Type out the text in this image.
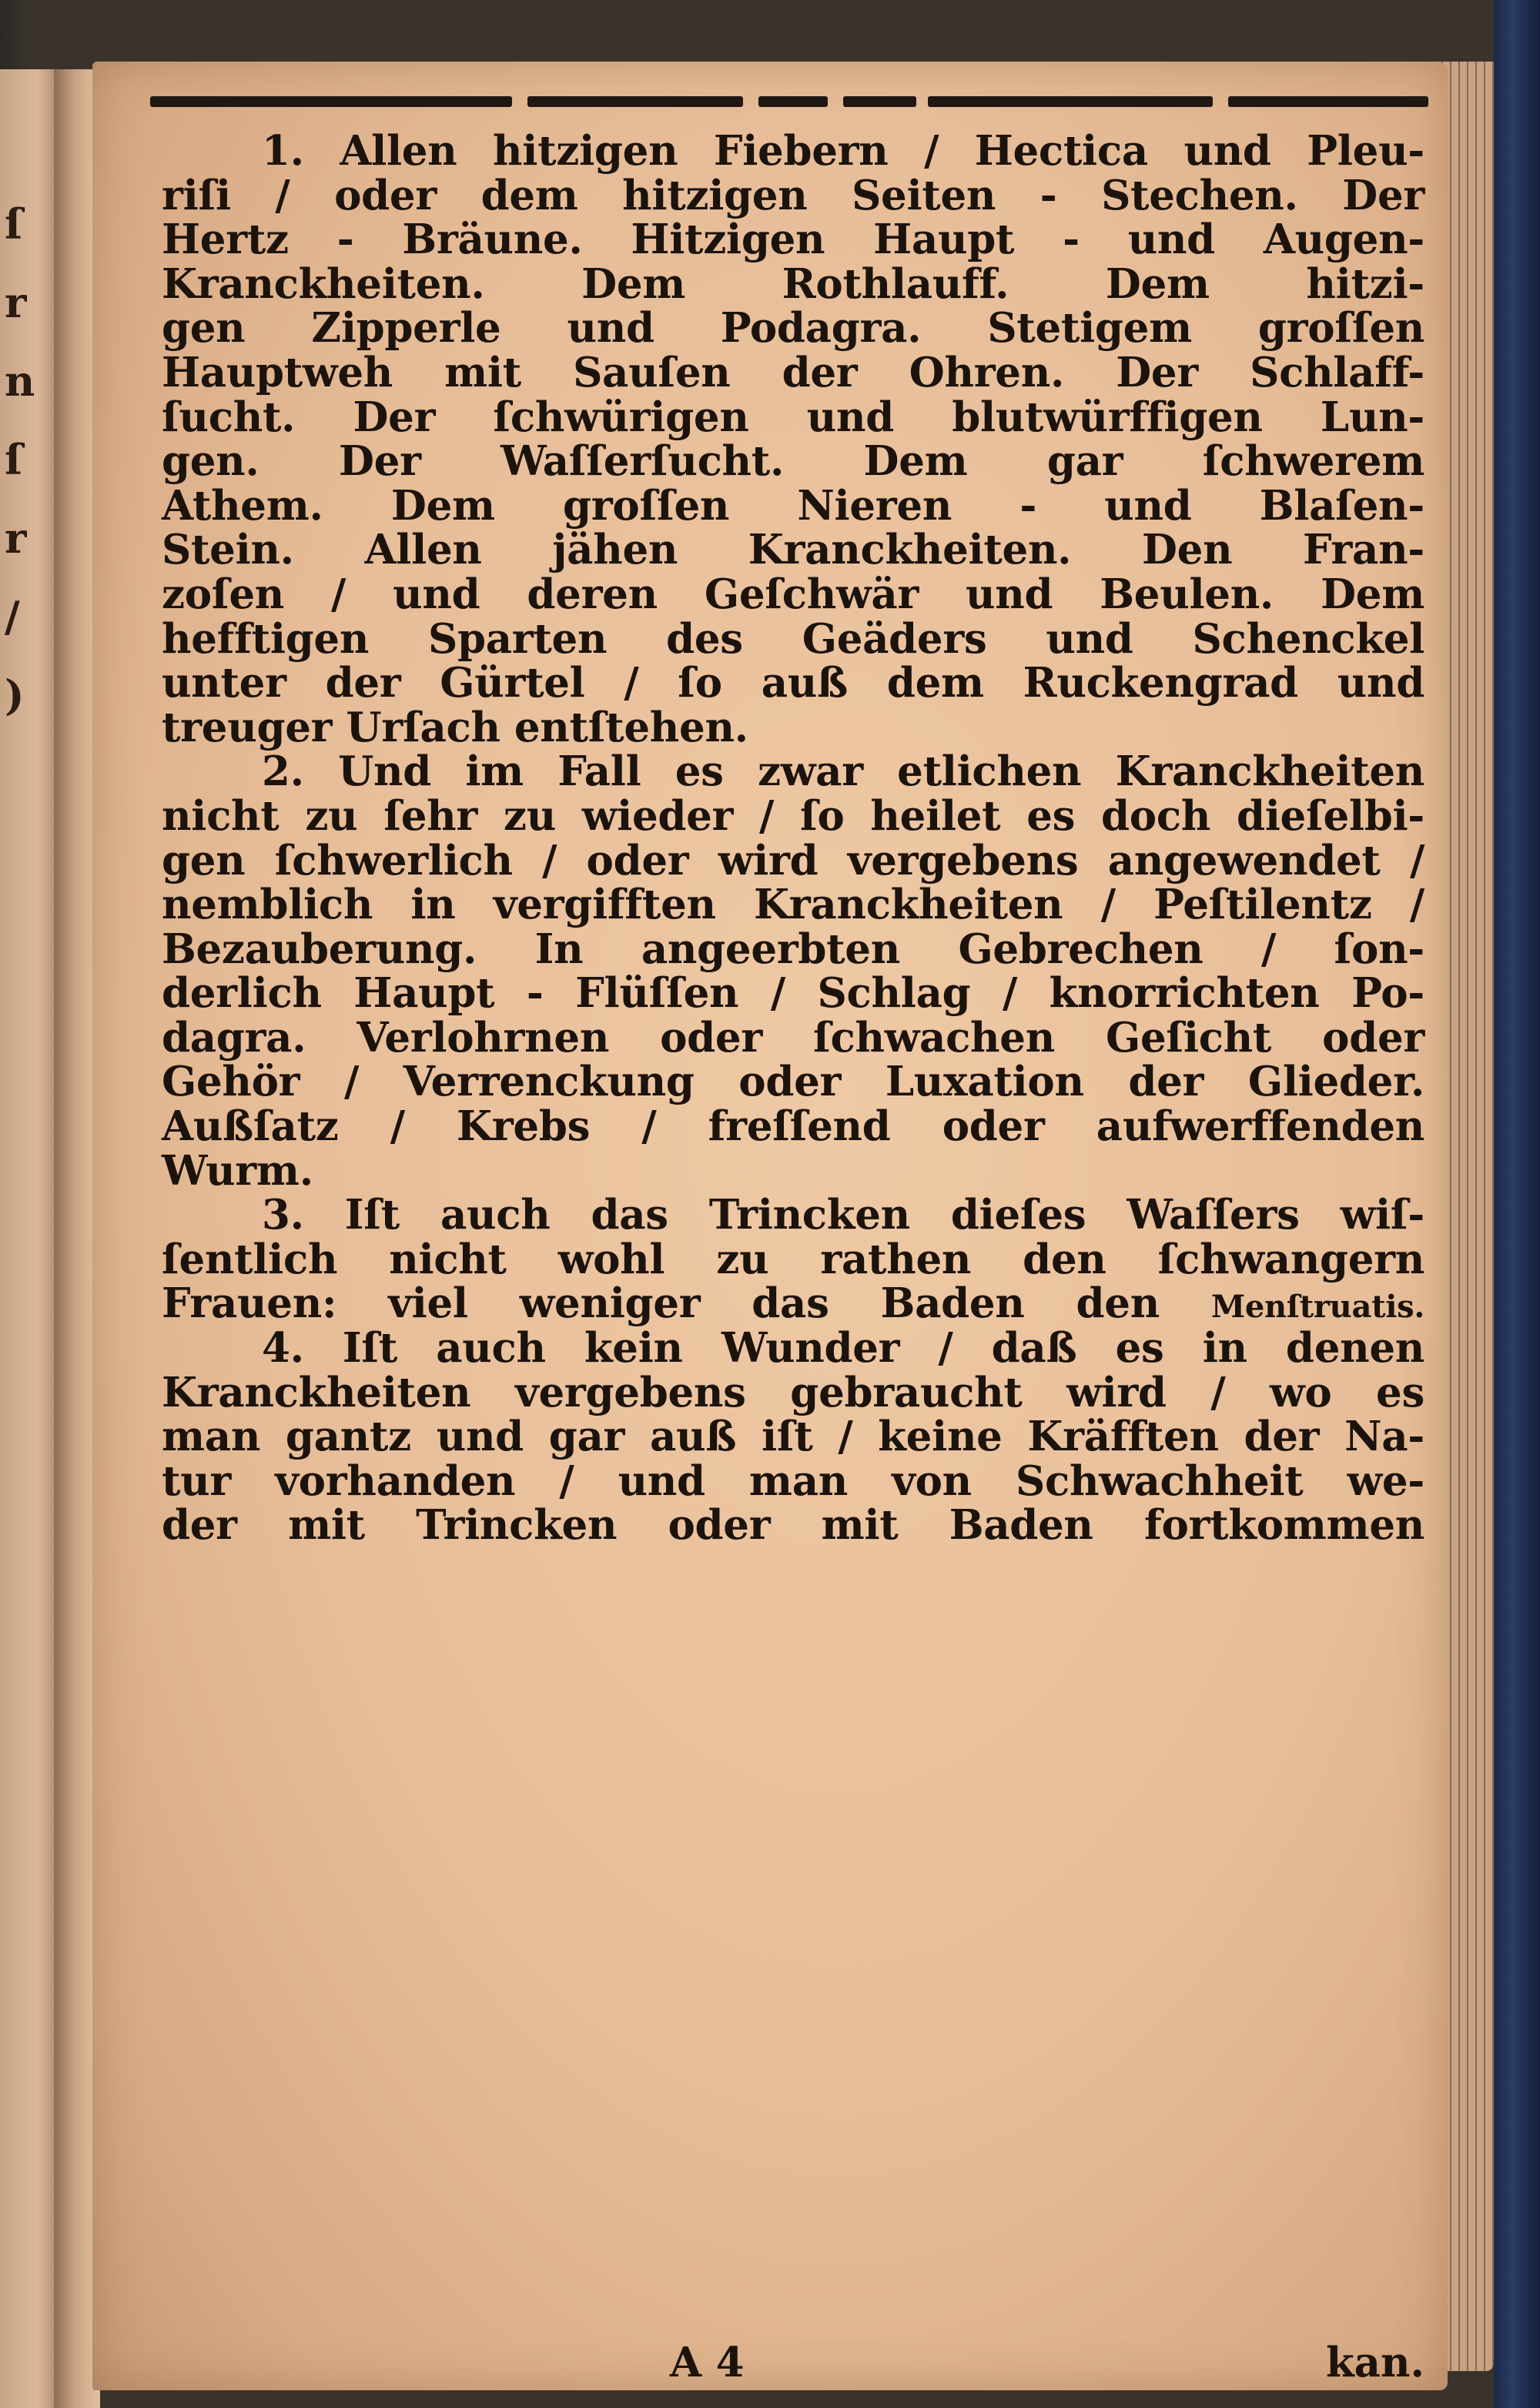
ſ
r
n
ſ
r
/
)
1. Allen hitzigen Fiebern / Hectica und Pleu-
riſi / oder dem hitzigen Seiten - Stechen. Der
Hertz - Bräune. Hitzigen Haupt - und Augen-
Kranckheiten. Dem Rothlauff. Dem hitzi-
gen Zipperle und Podagra. Stetigem groſſen
Hauptweh mit Sauſen der Ohren. Der Schlaff-
ſucht. Der ſchwürigen und blutwürffigen Lun-
gen. Der Waſſerſucht. Dem gar ſchwerem
Athem. Dem groſſen Nieren - und Blaſen-
Stein. Allen jähen Kranckheiten. Den Fran-
zoſen / und deren Geſchwär und Beulen. Dem
hefftigen Sparten des Geäders und Schenckel
unter der Gürtel / ſo auß dem Ruckengrad und
treuger Urſach entſtehen.
2. Und im Fall es zwar etlichen Kranckheiten
nicht zu ſehr zu wieder / ſo heilet es doch dieſelbi-
gen ſchwerlich / oder wird vergebens angewendet /
nemblich in vergifften Kranckheiten / Peſtilentz /
Bezauberung. In angeerbten Gebrechen / ſon-
derlich Haupt - Flüſſen / Schlag / knorrichten Po-
dagra. Verlohrnen oder ſchwachen Geſicht oder
Gehör / Verrenckung oder Luxation der Glieder.
Außſatz / Krebs / freſſend oder aufwerffenden
Wurm.
3. Iſt auch das Trincken dieſes Waſſers wiſ-
ſentlich nicht wohl zu rathen den ſchwangern
Frauen: viel weniger das Baden den Menſtruatis.
4. Iſt auch kein Wunder / daß es in denen
Kranckheiten vergebens gebraucht wird / wo es
man gantz und gar auß iſt / keine Kräfften der Na-
tur vorhanden / und man von Schwachheit we-
der mit Trincken oder mit Baden fortkommen
A 4	kan.
